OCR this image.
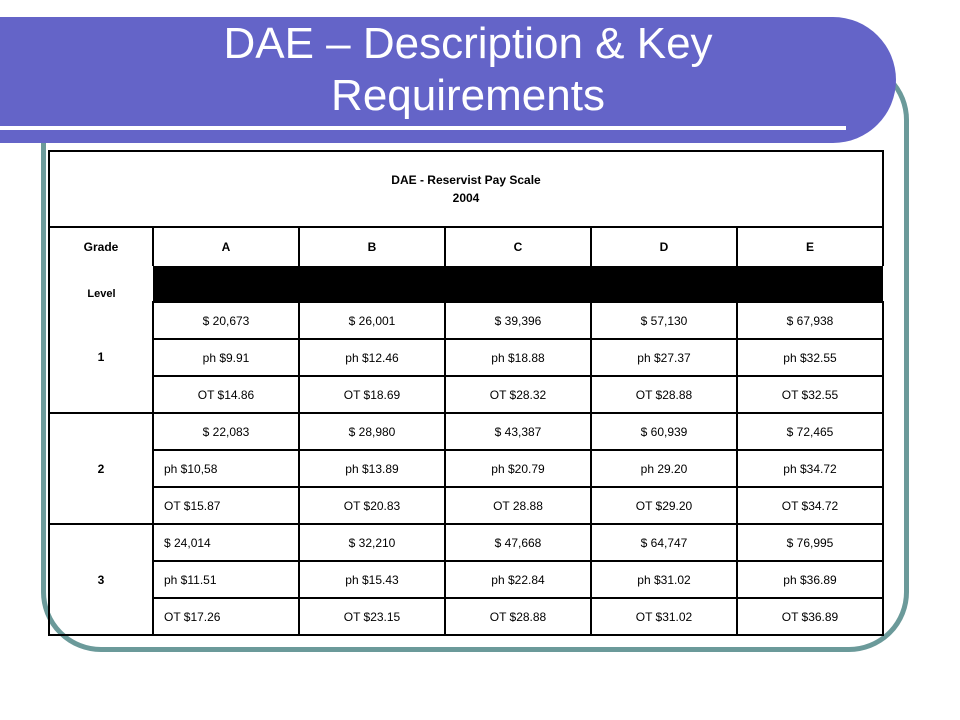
DAE – Description & Key Requirements
DAE - Reservist Pay Scale
2004					

Grade	A	B	C	D	E
Level					
1	$ 20,673	$ 26,001	$ 39,396	$ 57,130	$ 67,938
	ph $9.91	ph $12.46	ph $18.88	ph $27.37	ph $32.55
	OT $14.86	OT $18.69	OT $28.32	OT $28.88	OT $32.55
2	$ 22,083	$ 28,980	$ 43,387	$ 60,939	$ 72,465
	ph $10,58	ph $13.89	ph $20.79	ph 29.20	ph $34.72
	OT $15.87	OT $20.83	OT 28.88	OT $29.20	OT $34.72
3	$ 24,014	$ 32,210	$ 47,668	$ 64,747	$ 76,995
	ph $11.51	ph $15.43	ph $22.84	ph $31.02	ph $36.89
	OT $17.26	OT $23.15	OT $28.88	OT $31.02	OT $36.89
